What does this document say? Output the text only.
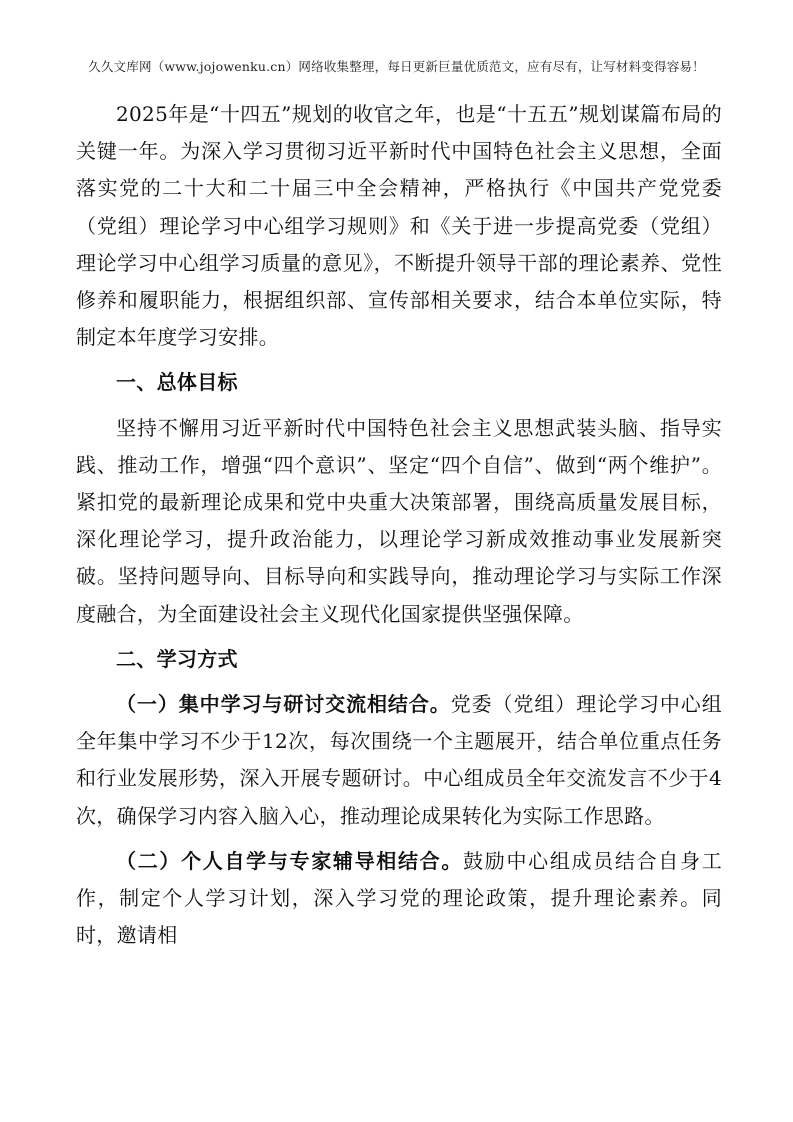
久久文库网（www.jojowenku.cn）网络收集整理，每日更新巨量优质范文，应有尽有，让写材料变得容易！

2025年是“十四五”规划的收官之年，也是“十五五”规划谋篇布局的关键一年。为深入学习贯彻习近平新时代中国特色社会主义思想，全面落实党的二十大和二十届三中全会精神，严格执行《中国共产党党委（党组）理论学习中心组学习规则》和《关于进一步提高党委（党组）理论学习中心组学习质量的意见》，不断提升领导干部的理论素养、党性修养和履职能力，根据组织部、宣传部相关要求，结合本单位实际，特制定本年度学习安排。

一、总体目标

坚持不懈用习近平新时代中国特色社会主义思想武装头脑、指导实践、推动工作，增强“四个意识”、坚定“四个自信”、做到“两个维护”。紧扣党的最新理论成果和党中央重大决策部署，围绕高质量发展目标，深化理论学习，提升政治能力，以理论学习新成效推动事业发展新突破。坚持问题导向、目标导向和实践导向，推动理论学习与实际工作深度融合，为全面建设社会主义现代化国家提供坚强保障。

二、学习方式

（一）集中学习与研讨交流相结合。党委（党组）理论学习中心组全年集中学习不少于12次，每次围绕一个主题展开，结合单位重点任务和行业发展形势，深入开展专题研讨。中心组成员全年交流发言不少于4次，确保学习内容入脑入心，推动理论成果转化为实际工作思路。

（二）个人自学与专家辅导相结合。鼓励中心组成员结合自身工作，制定个人学习计划，深入学习党的理论政策，提升理论素养。同时，邀请相
